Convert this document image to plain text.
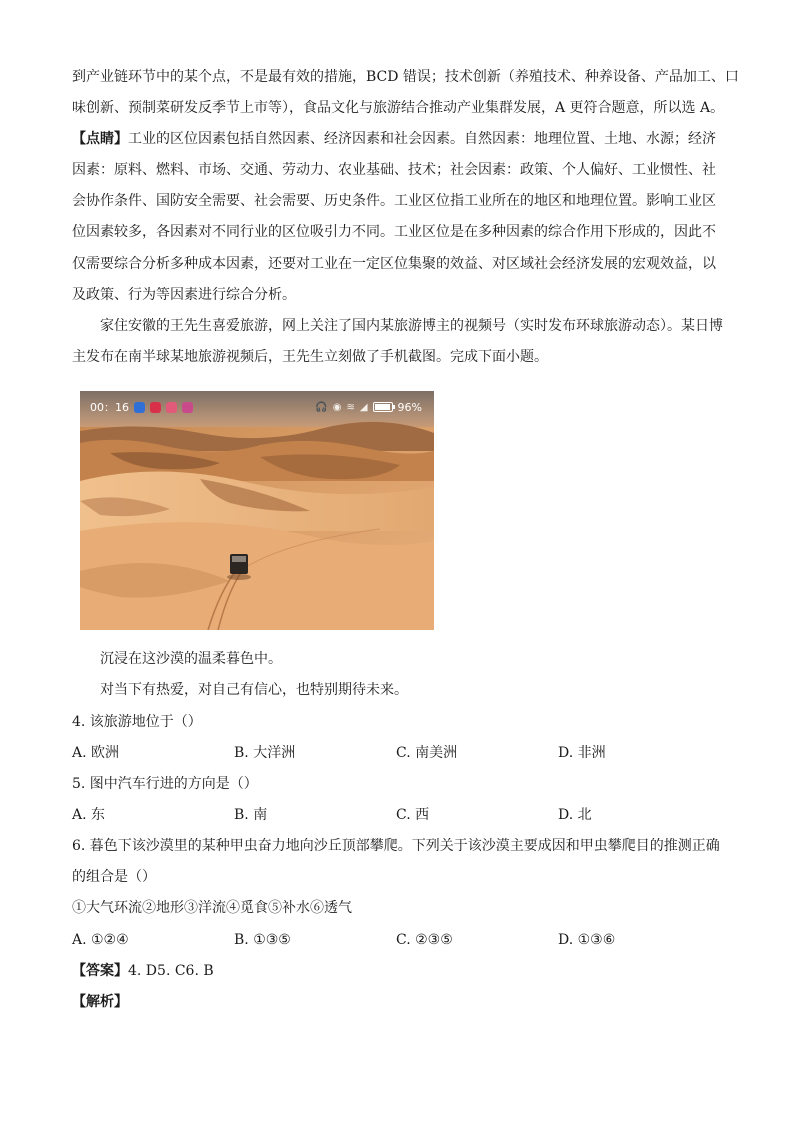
到产业链环节中的某个点，不是最有效的措施，BCD 错误；技术创新（养殖技术、种养设备、产品加工、口
味创新、预制菜研发反季节上市等），食品文化与旅游结合推动产业集群发展，A 更符合题意，所以选 A。
【点睛】工业的区位因素包括自然因素、经济因素和社会因素。自然因素：地理位置、土地、水源；经济
因素：原料、燃料、市场、交通、劳动力、农业基础、技术；社会因素：政策、个人偏好、工业惯性、社
会协作条件、国防安全需要、社会需要、历史条件。工业区位指工业所在的地区和地理位置。影响工业区
位因素较多，各因素对不同行业的区位吸引力不同。工业区位是在多种因素的综合作用下形成的，因此不
仅需要综合分析多种成本因素，还要对工业在一定区位集聚的效益、对区域社会经济发展的宏观效益，以
及政策、行为等因素进行综合分析。
家住安徽的王先生喜爱旅游，网上关注了国内某旅游博主的视频号（实时发布环球旅游动态）。某日博
主发布在南半球某地旅游视频后，王先生立刻做了手机截图。完成下面小题。
00：16	🎧 ◉ ≋ ◢	96%
沉浸在这沙漠的温柔暮色中。
对当下有热爱，对自己有信心，也特别期待未来。
4. 该旅游地位于（）
A. 欧洲	B. 大洋洲	C. 南美洲	D. 非洲
5. 图中汽车行进的方向是（）
A. 东	B. 南	C. 西	D. 北
6. 暮色下该沙漠里的某种甲虫奋力地向沙丘顶部攀爬。下列关于该沙漠主要成因和甲虫攀爬目的推测正确
的组合是（）
①大气环流②地形③洋流④觅食⑤补水⑥透气
A. ①②④	B. ①③⑤	C. ②③⑤	D. ①③⑥
【答案】4. D5. C6. B
【解析】
